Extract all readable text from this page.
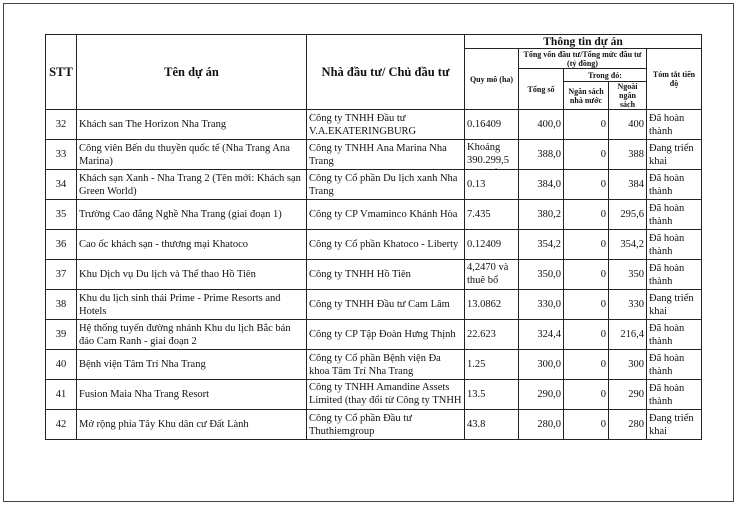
STT	Tên dự án	Nhà đầu tư/ Chủ đầu tư	Thông tin dự án				
			Quy mô (ha)	Tổng vốn đầu tư/Tổng mức đầu tư (tỷ đồng)			Tóm tắt tiến độ
				Tổng số	Trong đó:		
					Ngân sách nhà nước	Ngoài ngân sách	
32	Khách san The Horizon Nha Trang	Công ty TNHH Đầu tư V.A.EKATERINGBURG	0.16409	400,0	0	400	Đã hoàn thành

33	Công viên Bến du thuyền quốc tế (Nha Trang Ana Marina)	Công ty TNHH Ana Marina Nha Trang	Khoảng 390.299,5	388,0	0	388	Đang triển khai

34	Khách sạn Xanh - Nha Trang 2 (Tên mới: Khách sạn Green World)	Công ty Cổ phần Du lịch xanh Nha Trang	0.13	384,0	0	384	Đã hoàn thành

35	Trường Cao đẳng Nghề Nha Trang (giai đoạn 1)	Công ty CP Vmaminco Khánh Hòa	7.435	380,2	0	295,6	Đã hoàn thành

36	Cao ốc khách sạn - thương mại Khatoco	Công ty Cổ phần Khatoco - Liberty	0.12409	354,2	0	354,2	Đã hoàn thành

37	Khu Dịch vụ Du lịch và Thể thao Hồ Tiên	Công ty TNHH Hồ Tiên	4,2470 và thuê bổ	350,0	0	350	Đã hoàn thành

38	Khu du lịch sinh thái Prime - Prime Resorts and Hotels	Công ty TNHH Đầu tư Cam Lâm	13.0862	330,0	0	330	Đang triển khai

39	Hệ thống tuyến đường nhánh Khu du lịch Bắc bán đảo Cam Ranh - giai đoạn 2	Công ty CP Tập Đoàn Hưng Thịnh	22.623	324,4	0	216,4	Đã hoàn thành

40	Bệnh viện Tâm Trí Nha Trang	Công ty Cổ phần Bệnh viện Đa khoa Tâm Trí Nha Trang	1.25	300,0	0	300	Đã hoàn thành

41	Fusion Maia Nha Trang Resort	Công ty TNHH Amandine Assets Limited (thay đổi từ Công ty TNHH	13.5	290,0	0	290	Đã hoàn thành

42	Mở rộng phía Tây Khu dân cư Đất Lành	Công ty Cổ phần Đầu tư Thuthiemgroup	43.8	280,0	0	280	Đang triển khai
